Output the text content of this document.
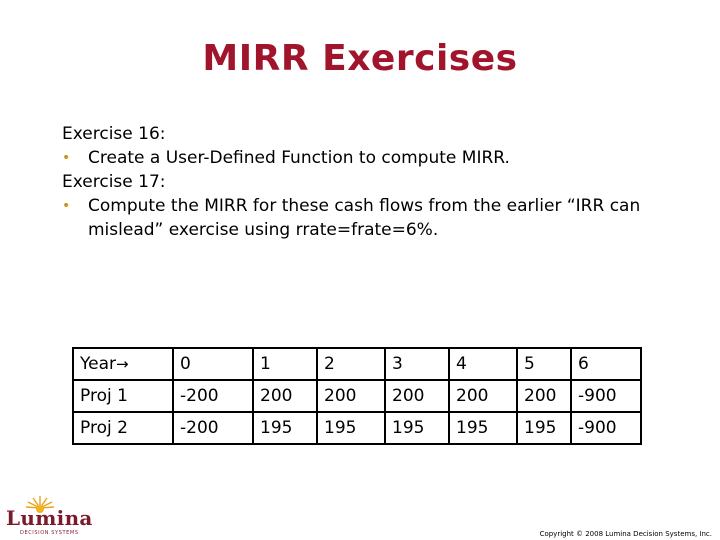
MIRR Exercises
Exercise 16:
• Create a User-Defined Function to compute MIRR.
Exercise 17:
• Compute the MIRR for these cash flows from the earlier “IRR can
mislead” exercise using rrate=frate=6%.
Year→	0	1	2	3	4	5	6
Proj 1	-200	200	200	200	200	200	-900
Proj 2	-200	195	195	195	195	195	-900
Lumina
DECISION SYSTEMS	Copyright © 2008 Lumina Decision Systems, Inc.
